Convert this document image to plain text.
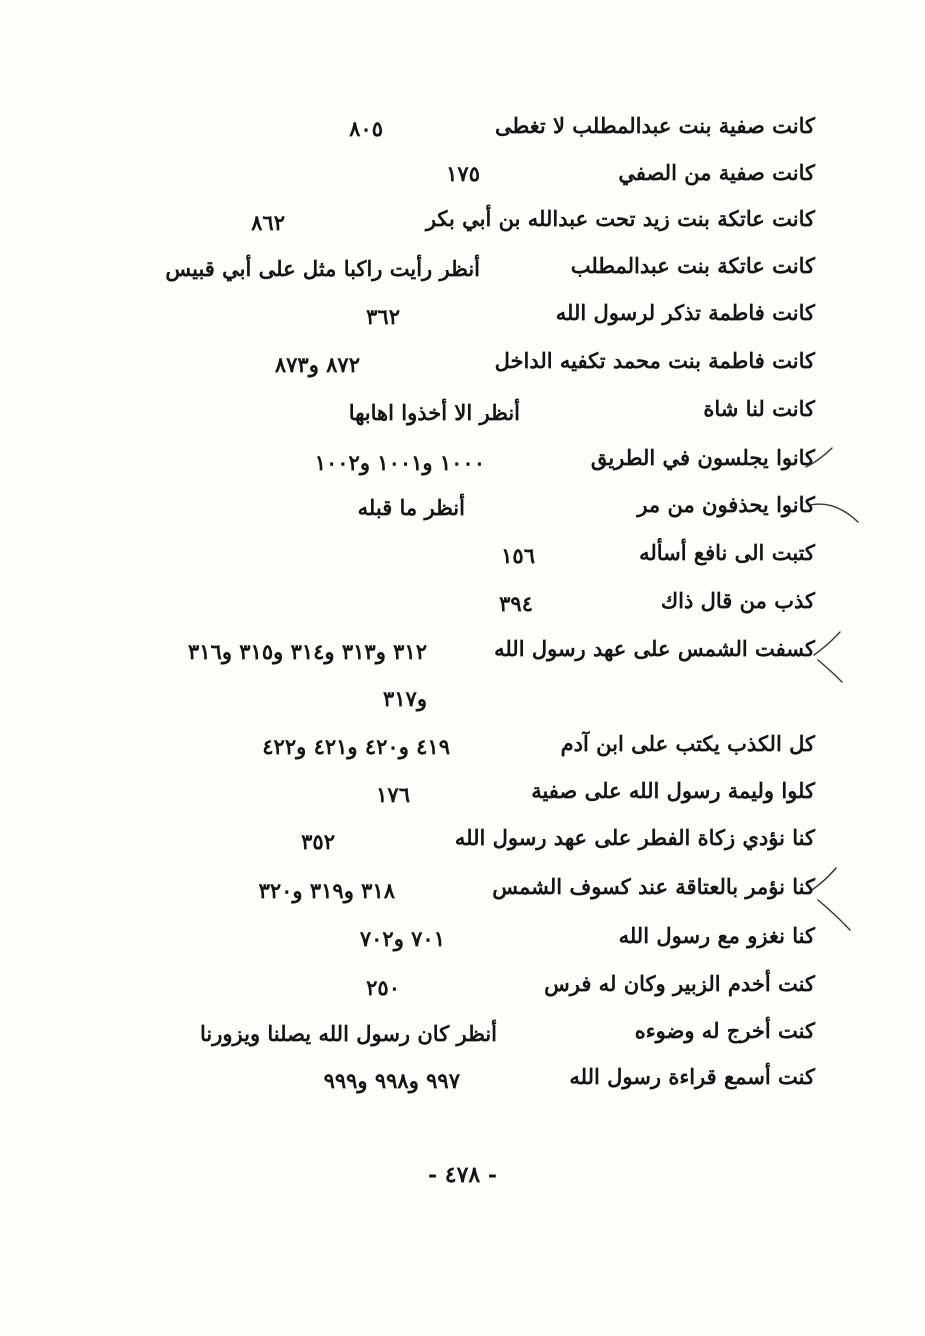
كانت صفية بنت عبدالمطلب لا تغطى
٨٠٥
كانت صفية من الصفي
١٧٥
كانت عاتكة بنت زيد تحت عبدالله بن أبي بكر
٨٦٢
كانت عاتكة بنت عبدالمطلب
أنظر رأيت راكبا مثل على أبي قبيس
كانت فاطمة تذكر لرسول الله
٣٦٢
كانت فاطمة بنت محمد تكفيه الداخل
٨٧٢ و٨٧٣
كانت لنا شاة
أنظر الا أخذوا اهابها
كانوا يجلسون في الطريق
١٠٠٠ و١٠٠١ و١٠٠٢
كانوا يحذفون من مر
أنظر ما قبله
كتبت الى نافع أسأله
١٥٦
كذب من قال ذاك
٣٩٤
كسفت الشمس على عهد رسول الله
٣١٢ و٣١٣ و٣١٤ و٣١٥ و٣١٦
و٣١٧
كل الكذب يكتب على ابن آدم
٤١٩ و٤٢٠ و٤٢١ و٤٢٢
كلوا وليمة رسول الله على صفية
١٧٦
كنا نؤدي زكاة الفطر على عهد رسول الله
٣٥٢
كنا نؤمر بالعتاقة عند كسوف الشمس
٣١٨ و٣١٩ و٣٢٠
كنا نغزو مع رسول الله
٧٠١ و٧٠٢
كنت أخدم الزبير وكان له فرس
٢٥٠
كنت أخرج له وضوءه
أنظر كان رسول الله يصلنا ويزورنا
كنت أسمع قراءة رسول الله
٩٩٧ و٩٩٨ و٩٩٩
- ٤٧٨ -
